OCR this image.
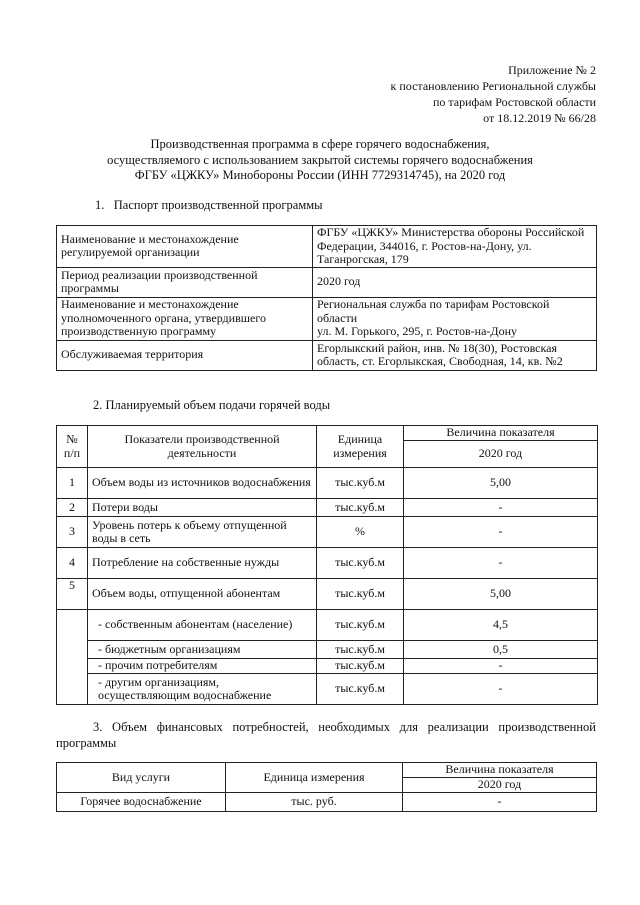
Приложение № 2
к постановлению Региональной службы
по тарифам Ростовской области
от 18.12.2019 № 66/28
Производственная программа в сфере горячего водоснабжения,
осуществляемого с использованием закрытой системы горячего водоснабжения
ФГБУ «ЦЖКУ» Минобороны России (ИНН 7729314745), на 2020 год
1.   Паспорт производственной программы
Наименование и местонахождение регулируемой организации	ФГБУ «ЦЖКУ» Министерства обороны Российской Федерации, 344016, г. Ростов-на-Дону, ул. Таганрогская, 179
Период реализации производственной программы	2020 год
Наименование и местонахождение уполномоченного органа, утвердившего производственную программу	Региональная служба по тарифам Ростовской области
ул. М. Горького, 295, г. Ростов-на-Дону

Обслуживаемая территория	Егорлыкский район, инв. № 18(30), Ростовская область, ст. Егорлыкская, Свободная, 14, кв. №2
2. Планируемый объем подачи горячей воды
№ п/п	Показатели производственной деятельности	Единица измерения	Величина показателя
			2020 год
1	Объем воды из источников водоснабжения	тыс.куб.м	5,00
2	Потери воды	тыс.куб.м	-
3	Уровень потерь к объему отпущенной воды в сеть	%	-
4	Потребление на собственные нужды	тыс.куб.м	-
5	Объем воды, отпущенной абонентам	тыс.куб.м	5,00
	- собственным абонентам (население)	тыс.куб.м	4,5
	- бюджетным организациям	тыс.куб.м	0,5
	- прочим потребителям	тыс.куб.м	-
	- другим организациям, осуществляющим водоснабжение	тыс.куб.м	-
3. Объем финансовых потребностей, необходимых для реализации производственной программы
Вид услуги	Единица измерения	Величина показателя
		2020 год
Горячее водоснабжение	тыс. руб.	-
